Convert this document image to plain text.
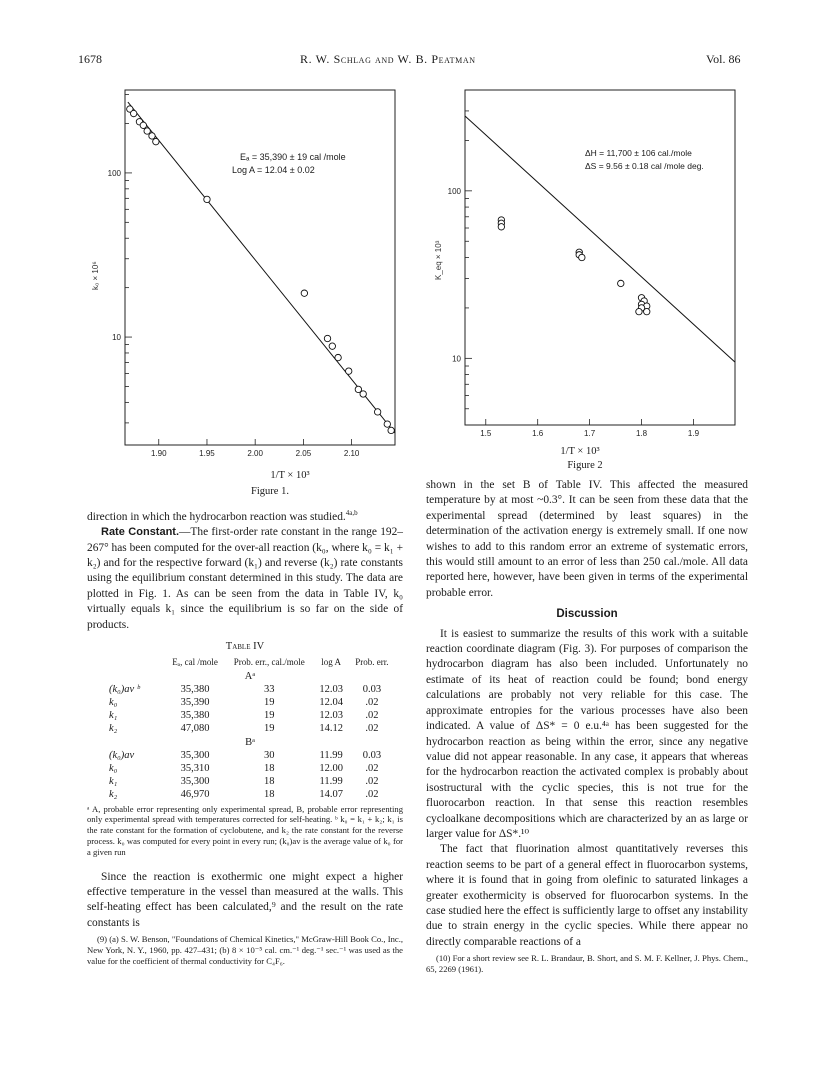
1678	R. W. Schlag and W. B. Peatman	Vol. 86
Eₐ = 35,390 ± 19 cal /mole
Log A = 12.04 ± 0.02
k₀ × 10⁶
100
10
1.90	1.95	2.00	2.05	2.10
1/T × 10³
Figure 1.
ΔH = 11,700 ± 106 cal./mole
ΔS = 9.56 ± 0.18 cal /mole deg.
K_eq × 10³
100
10
1.5	1.6	1.7	1.8	1.9
1/T × 10³
Figure 2

direction in which the hydrocarbon reaction was studied.$^{4a,b}$

Rate Constant.—The first-order rate constant in the range 192–267° has been computed for the over-all reaction (k₀, where k₀ = k₁ + k₂) and for the respective forward (k₁) and reverse (k₂) rate constants using the equilibrium constant determined in this study. The data are plotted in Fig. 1. As can be seen from the data in Table IV, k₀ virtually equals k₁ since the equilibrium is so far on the side of products.

Table IV
	Eₐ, cal /mole	Prob. err., cal./mole	log A	Prob. err.
Aᵃ				
(k₀)av ᵇ	35,380	33	12.03	0.03
k₀	35,390	19	12.04	.02
k₁	35,380	19	12.03	.02
k₂	47,080	19	14.12	.02
Bᵃ				
(k₀)av	35,300	30	11.99	0.03
k₀	35,310	18	12.00	.02
k₁	35,300	18	11.99	.02
k₂	46,970	18	14.07	.02
ᵃ A, probable error representing only experimental spread, B, probable error representing only experimental spread with temperatures corrected for self-heating. ᵇ k₀ = k₁ + k₂; k₁ is the rate constant for the formation of cyclobutene, and k₂ the rate constant for the reverse process. k₀ was computed for every point in every run; (k₀)av is the average value of k₀ for a given run

Since the reaction is exothermic one might expect a higher effective temperature in the vessel than measured at the walls. This self-heating effect has been calculated,⁹ and the result on the rate constants is

(9) (a) S. W. Benson, "Foundations of Chemical Kinetics," McGraw-Hill Book Co., Inc., New York, N. Y., 1960, pp. 427–431; (b) 8 × 10⁻⁵ cal. cm.⁻¹ deg.⁻¹ sec.⁻¹ was used as the value for the coefficient of thermal conductivity for C₄F₆.

shown in the set B of Table IV. This affected the measured temperature by at most ~0.3°. It can be seen from these data that the experimental spread (determined by least squares) in the determination of the activation energy is extremely small. If one now wishes to add to this random error an extreme of systematic errors, this would still amount to an error of less than 250 cal./mole. All data reported here, however, have been given in terms of the experimental probable error.

Discussion

It is easiest to summarize the results of this work with a suitable reaction coordinate diagram (Fig. 3). For purposes of comparison the hydrocarbon diagram has also been included. Unfortunately no estimate of its heat of reaction could be found; bond energy calculations are probably not very reliable for this case. The approximate entropies for the various processes have also been indicated. A value of ΔS* = 0 e.u.⁴ᵃ has been suggested for the hydrocarbon reaction as being within the error, since any negative value did not appear reasonable. In any case, it appears that whereas for the hydrocarbon reaction the activated complex is probably about isostructural with the cyclic species, this is not true for the fluorocarbon reaction. In that sense this reaction resembles cycloalkane decompositions which are characterized by an as large or larger value for ΔS*.¹⁰

The fact that fluorination almost quantitatively reverses this reaction seems to be part of a general effect in fluorocarbon systems, where it is found that in going from olefinic to saturated linkages a greater exothermicity is observed for fluorocarbon systems. In the case studied here the effect is sufficiently large to offset any instability due to strain energy in the cyclic species. While there appear no directly comparable reactions of a

(10) For a short review see R. L. Brandaur, B. Short, and S. M. F. Kellner, J. Phys. Chem., 65, 2269 (1961).
